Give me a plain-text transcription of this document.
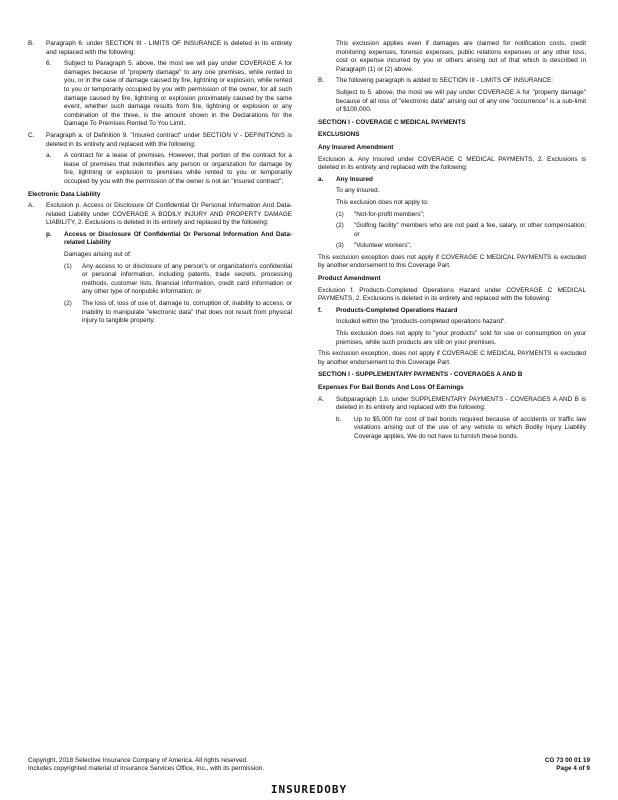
B.	Paragraph 6. under SECTION III - LIMITS OF INSURANCE is deleted in its entirety and replaced with the following:
6.	Subject to Paragraph 5. above, the most we will pay under COVERAGE A for damages because of "property damage" to any one premises, while rented to you, or in the case of damage caused by fire, lightning or explosion, while rented to you or temporarily occupied by you with permission of the owner, for all such damage caused by fire, lightning or explosion proximately caused by the same event, whether such damage results from fire, lightning or explosion or any combination of the three, is the amount shown in the Declarations for the Damage To Premises Rented To You Limit.
C.	Paragraph a. of Definition 9. "Insured contract" under SECTION V - DEFINITIONS is deleted in its entirety and replaced with the following:
a.	A contract for a lease of premises. However, that portion of the contract for a lease of premises that indemnifies any person or organization for damage by fire, lightning or explosion to premises while rented to you or temporarily occupied by you with the permission of the owner is not an "insured contract";
Electronic Data Liability
A.	Exclusion p. Access or Disclosure Of Confidential Or Personal Information And Data-related Liability under COVERAGE A BODILY INJURY AND PROPERTY DAMAGE LIABILITY, 2. Exclusions is deleted in its entirety and replaced by the following:
p.	Access or Disclosure Of Confidential Or Personal Information And Data-related Liability
Damages arising out of:
(1)	Any access to or disclosure of any person's or organization's confidential or personal information, including patents, trade secrets, processing methods, customer lists, financial information, credit card information or any other type of nonpublic information; or
(2)	The loss of, loss of use of, damage to, corruption of, inability to access, or inability to manipulate "electronic data" that does not result from physical injury to tangible property.
This exclusion applies even if damages are claimed for notification costs, credit monitoring expenses, forensic expenses, public relations expenses or any other loss, cost or expense incurred by you or others arising out of that which is described in Paragraph (1) or (2) above.
B.	The following paragraph is added to SECTION III - LIMITS OF INSURANCE:
Subject to 5. above, the most we will pay under COVERAGE A for "property damage" because of all loss of "electronic data" arising out of any one "occurrence" is a sub-limit of $100,000.
SECTION I - COVERAGE C MEDICAL PAYMENTS
EXCLUSIONS
Any Insured Amendment
Exclusion a. Any Insured under COVERAGE C MEDICAL PAYMENTS, 2. Exclusions is deleted in its entirety and replaced with the following:
a.	Any Insured
To any insured.
This exclusion does not apply to:
(1)	"Not-for-profit members";
(2)	"Golfing facility" members who are not paid a fee, salary, or other compensation; or
(3)	"Volunteer workers".
This exclusion exception does not apply if COVERAGE C MEDICAL PAYMENTS is excluded by another endorsement to this Coverage Part.
Product Amendment
Exclusion f. Products-Completed Operations Hazard under COVERAGE C MEDICAL PAYMENTS, 2. Exclusions is deleted in its entirety and replaced with the following:
f.	Products-Completed Operations Hazard
Included within the "products-completed operations hazard".
This exclusion does not apply to "your products" sold for use or consumption on your premises, while such products are still on your premises.
This exclusion exception, does not apply if COVERAGE C MEDICAL PAYMENTS is excluded by another endorsement to this Coverage Part.
SECTION I - SUPPLEMENTARY PAYMENTS - COVERAGES A AND B
Expenses For Bail Bonds And Loss Of Earnings
A.	Subparagraph 1.b. under SUPPLEMENTARY PAYMENTS - COVERAGES A AND B is deleted in its entirety and replaced with the following:
b.	Up to $5,000 for cost of bail bonds required because of accidents or traffic law violations arising out of the use of any vehicle to which Bodily Injury Liability Coverage applies. We do not have to furnish these bonds.
Copyright, 2018 Selective Insurance Company of America. All rights reserved.
Includes copyrighted material of Insurance Services Office, Inc., with its permission.
CG 73 00 01 19
Page 4 of 9
INSUREDOBY
